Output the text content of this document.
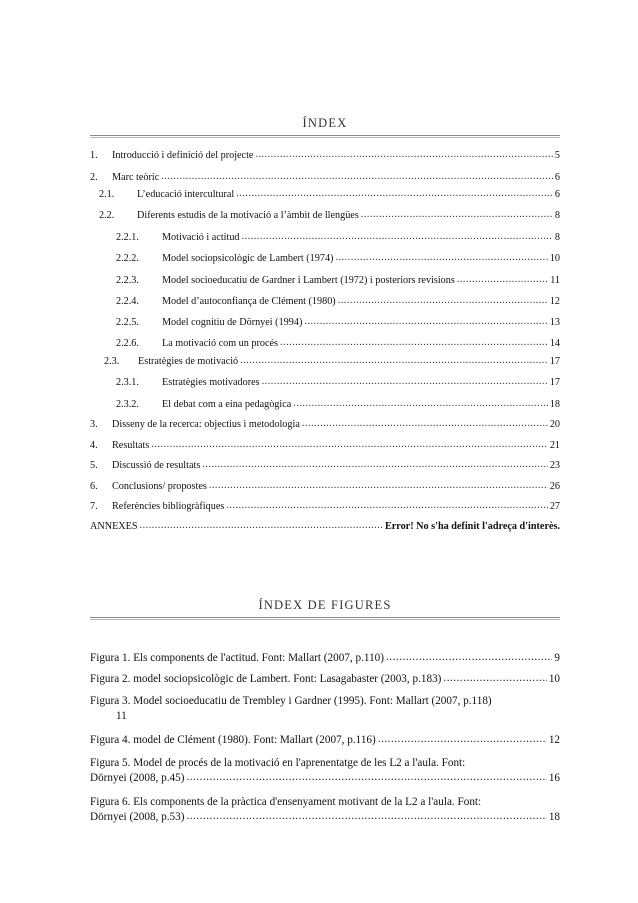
ÍNDEX
1.	Introducció i definició del projecte .....	5
2.	Marc teòric .....	6
2.1.	L’educació intercultural .....	6
2.2.	Diferents estudis de la motivació a l’àmbit de llengües .....	8
2.2.1.	Motivació i actitud .....	8
2.2.2.	Model sociopsicològic de Lambert (1974) .....	10
2.2.3.	Model socioeducatiu de Gardner i Lambert (1972) i posteriors revisions .....	11
2.2.4.	Model d’autoconfiança de Clément (1980) .....	12
2.2.5.	Model cognitiu de Dörnyei (1994) .....	13
2.2.6.	La motivació com un procés .....	14
2.3.	Estratègies de motivació .....	17
2.3.1.	Estratègies motivadores .....	17
2.3.2.	El debat com a eina pedagògica .....	18
3.	Disseny de la recerca: objectius i metodologia .....	20
4.	Resultats .....	21
5.	Discussió de resultats .....	23
6.	Conclusions/ propostes .....	26
7.	Referències bibliogràfiques .....	27
ANNEXES .....	Error! No s'ha definit l'adreça d'interès.
ÍNDEX DE FIGURES
Figura 1. Els components de l'actitud. Font: Mallart (2007, p.110) .....	9
Figura 2. model sociopsicològic de Lambert. Font: Lasagabaster (2003, p.183) .....	10
Figura 3. Model socioeducatiu de Trembley i Gardner (1995). Font: Mallart (2007, p.118)
11
Figura 4. model de Clément (1980). Font: Mallart (2007, p.116) .....	12
Figura 5. Model de procés de la motivació en l'aprenentatge de les L2 a l'aula. Font:
Dörnyei (2008, p.45) .....	16
Figura 6. Els components de la pràctica d'ensenyament motivant de la L2 a l'aula. Font:
Dörnyei (2008, p.53) .....	18
